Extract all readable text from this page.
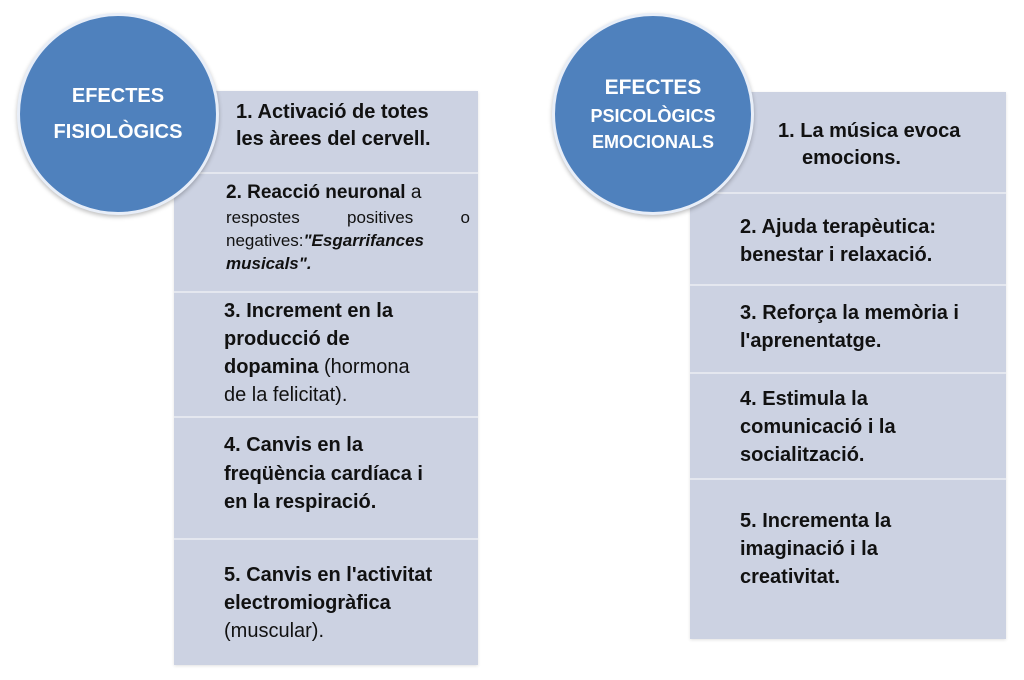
1. Activació de totes
les àrees del cervell.
2. Reacció neuronal a
respostes	positives	o
negatives:"Esgarrifances
musicals".
3. Increment en la
producció de
dopamina (hormona
de la felicitat).
4. Canvis en la
freqüència cardíaca i
en la respiració.
5. Canvis en l'activitat
electromiogràfica
(muscular).
EFECTES
FISIOLÒGICS	1. La música evoca
emocions.
2. Ajuda terapèutica:
benestar i relaxació.
3. Reforça la memòria i
l'aprenentatge.
4. Estimula la
comunicació i la
socialització.
5. Incrementa la
imaginació i la
creativitat.
EFECTES
PSICOLÒGICS
EMOCIONALS
